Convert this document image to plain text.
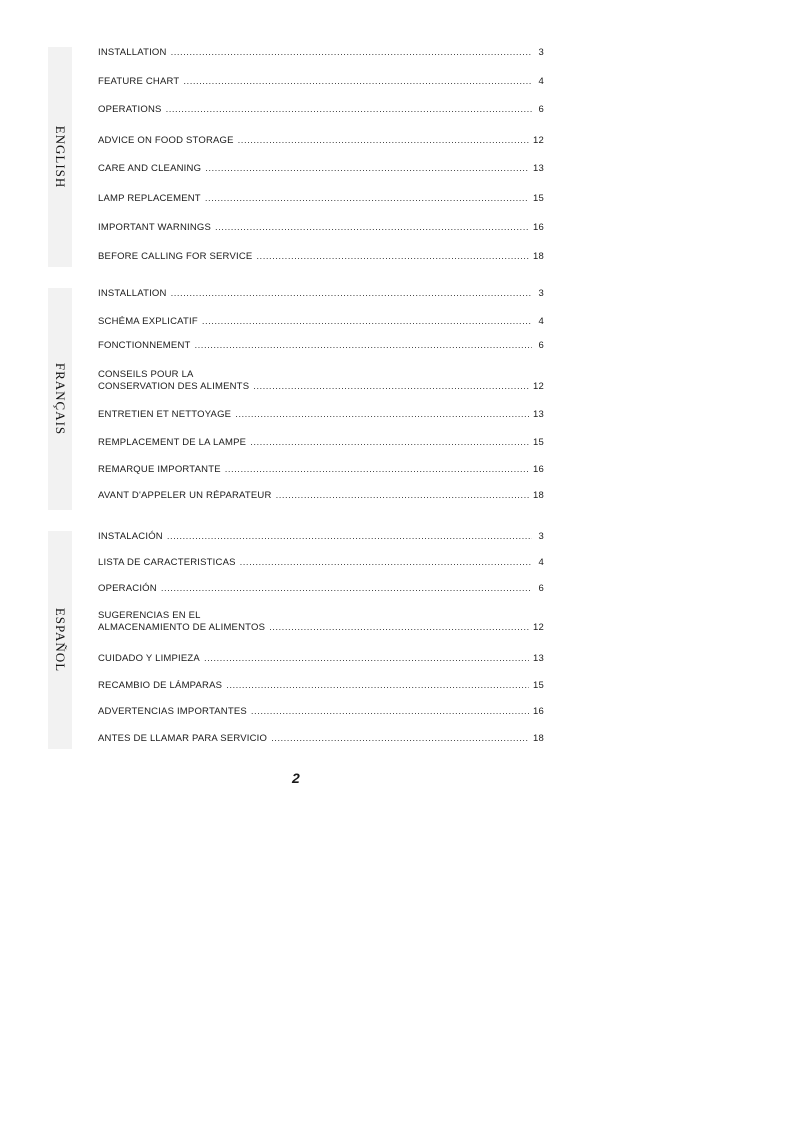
ENGLISH
INSTALLATION .....	3
FEATURE CHART .....	4
OPERATIONS .....	6
ADVICE ON FOOD STORAGE .....	12
CARE AND CLEANING .....	13
LAMP REPLACEMENT .....	15
IMPORTANT WARNINGS .....	16
BEFORE CALLING FOR SERVICE .....	18
FRANÇAIS
INSTALLATION .....	3
SCHÉMA EXPLICATIF .....	4
FONCTIONNEMENT .....	6
CONSEILS POUR LA
CONSERVATION DES ALIMENTS .....	12
ENTRETIEN ET NETTOYAGE .....	13
REMPLACEMENT DE LA LAMPE .....	15
REMARQUE IMPORTANTE .....	16
AVANT D'APPELER UN RÉPARATEUR .....	18
ESPAÑOL
INSTALACIÓN .....	3
LISTA DE CARACTERISTICAS .....	4
OPERACIÓN .....	6
SUGERENCIAS EN EL
ALMACENAMIENTO DE ALIMENTOS .....	12
CUIDADO Y LIMPIEZA .....	13
RECAMBIO DE LÁMPARAS .....	15
ADVERTENCIAS IMPORTANTES .....	16
ANTES DE LLAMAR PARA SERVICIO .....	18
2
